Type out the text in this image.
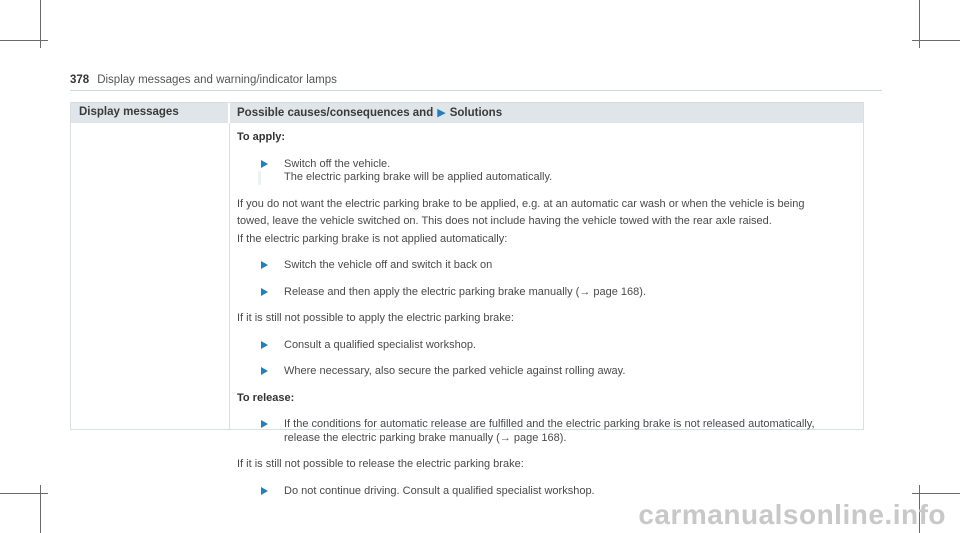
378 Display messages and warning/indicator lamps
Display messages	Possible causes/consequences and ▶ Solutions
To apply:
Switch off the vehicle.
The electric parking brake will be applied automatically.
If you do not want the electric parking brake to be applied, e.g. at an automatic car wash or when the vehicle is being
towed, leave the vehicle switched on. This does not include having the vehicle towed with the rear axle raised.
If the electric parking brake is not applied automatically:
Switch the vehicle off and switch it back on
Release and then apply the electric parking brake manually (→ page 168).
If it is still not possible to apply the electric parking brake:
Consult a qualified specialist workshop.
Where necessary, also secure the parked vehicle against rolling away.
To release:
If the conditions for automatic release are fulfilled and the electric parking brake is not released automatically,
release the electric parking brake manually (→ page 168).
If it is still not possible to release the electric parking brake:
Do not continue driving. Consult a qualified specialist workshop.
carmanualsonline.info
